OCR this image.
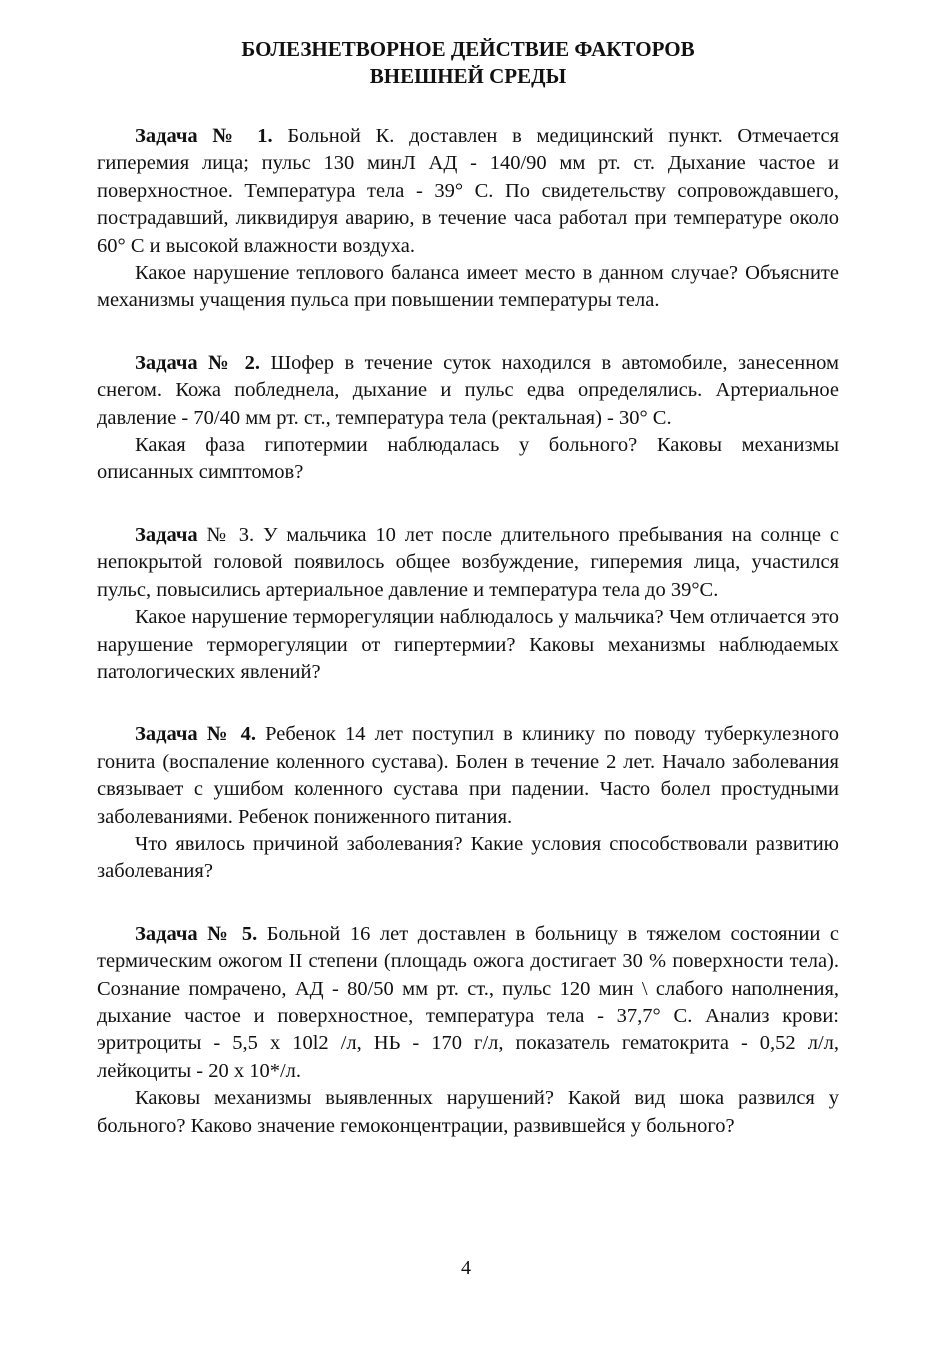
БОЛЕЗНЕТВОРНОЕ ДЕЙСТВИЕ ФАКТОРОВ
ВНЕШНЕЙ СРЕДЫ

Задача № 1. Больной К. доставлен в медицинский пункт. Отмечается гиперемия лица; пульс 130 минЛ АД - 140/90 мм рт. ст. Дыхание частое и поверхностное. Температура тела - 39° С. По свидетельству сопровождавшего, пострадавший, ликвидируя аварию, в течение часа работал при температуре около 60° С и высокой влажности воздуха.

Какое нарушение теплового баланса имеет место в данном случае? Объясните механизмы учащения пульса при повышении температуры тела.

Задача № 2. Шофер в течение суток находился в автомобиле, занесенном снегом. Кожа побледнела, дыхание и пульс едва определялись. Артериальное давление - 70/40 мм рт. ст., температура тела (ректальная) - 30° С.

Какая фаза гипотермии наблюдалась у больного? Каковы механизмы описанных симптомов?

Задача № 3. У мальчика 10 лет после длительного пребывания на солнце с непокрытой головой появилось общее возбуждение, гиперемия лица, участился пульс, повысились артериальное давление и температура тела до 39°С.

Какое нарушение терморегуляции наблюдалось у мальчика? Чем отличается это нарушение терморегуляции от гипертермии? Каковы механизмы наблюдаемых патологических явлений?

Задача № 4. Ребенок 14 лет поступил в клинику по поводу туберкулезного гонита (воспаление коленного сустава). Болен в течение 2 лет. Начало заболевания связывает с ушибом коленного сустава при падении. Часто болел простудными заболеваниями. Ребенок пониженного питания.

Что явилось причиной заболевания? Какие условия способствовали развитию заболевания?

Задача № 5. Больной 16 лет доставлен в больницу в тяжелом состоянии с термическим ожогом II степени (площадь ожога достигает 30 % поверхности тела). Сознание помрачено, АД - 80/50 мм рт. ст., пульс 120 мин \ слабого наполнения, дыхание частое и поверхностное, температура тела - 37,7° С. Анализ крови: эритроциты - 5,5 х 10l2 /л, НЬ - 170 г/л, показатель гематокрита - 0,52 л/л, лейкоциты - 20 х 10*/л.

Каковы механизмы выявленных нарушений? Какой вид шока развился у больного? Каково значение гемоконцентрации, развившейся у больного?

4
